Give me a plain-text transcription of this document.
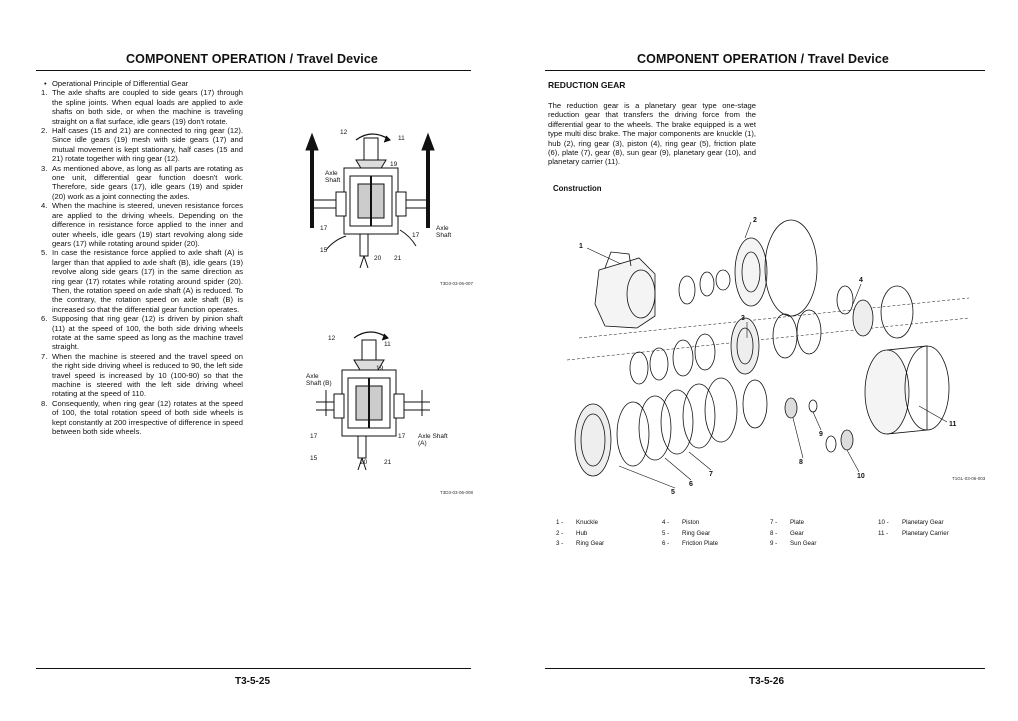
COMPONENT OPERATION / Travel Device
• Operational Principle of Differential Gear
1. The axle shafts are coupled to side gears (17) through the spline joints. When equal loads are applied to axle shafts on both side, or when the machine is traveling straight on a flat surface, idle gears (19) don't rotate.
2. Half cases (15 and 21) are connected to ring gear (12). Since idle gears (19) mesh with side gears (17) and mutual movement is kept stationary, half cases (15 and 21) rotate together with ring gear (12).
3. As mentioned above, as long as all parts are rotating as one unit, differential gear function doesn't work. Therefore, side gears (17), idle gears (19) and spider (20) work as a joint connecting the axles.
4. When the machine is steered, uneven resistance forces are applied to the driving wheels. Depending on the difference in resistance force applied to the inner and outer wheels, idle gears (19) start revolving along side gears (17) while rotating around spider (20).
5. In case the resistance force applied to axle shaft (A) is larger than that applied to axle shaft (B), idle gears (19) revolve along side gears (17) in the same direction as ring gear (17) rotates while rotating around spider (20). Then, the rotation speed on axle shaft (A) is reduced. To the contrary, the rotation speed on axle shaft (B) is increased so that the differential gear function operates.
6. Supposing that ring gear (12) is driven by pinion shaft (11) at the speed of 100, the both side driving wheels rotate at the same speed as long as the machine travel straight.
7. When the machine is steered and the travel speed on the right side driving wheel is reduced to 90, the left side travel speed is increased by 10 (100-90) so that the machine is steered with the left side driving wheel rotating at the speed of 110.
8. Consequently, when ring gear (12) rotates at the speed of 100, the total rotation speed of both side wheels is kept constantly at 200 irrespective of difference in speed between both side wheels.
12
11
19
Axle
Shaft
17
17
Axle
Shaft
15
20 21
T3D3-03-06-007
12
11
19
Axle
Shaft (B)
17	17 Axle Shaft
(A)
15
20	21
T3D3-03-06-008
T3-5-25
COMPONENT OPERATION / Travel Device
REDUCTION GEAR
The reduction gear is a planetary gear type one-stage reduction gear that transfers the driving force from the differential gear to the wheels. The brake equipped is a wet type multi disc brake. The major components are knuckle (1), hub (2), ring gear (3), piston (4), ring gear (5), friction plate (6), plate (7), gear (8), sun gear (9), planetary gear (10), and planetary carrier (11).
Construction
1
2
3
4
5
6
7
8
9
10
11
T1GL-03-06-003
T3-5-26
1 -	Knuckle
2 -	Hub
3 -	Ring Gear
4 -	Piston
5 -	Ring Gear
6 -	Friction Plate
7 -	Plate
8 -	Gear
9 -	Sun Gear
10 -	Planetary Gear
11 -	Planetary Carrier
